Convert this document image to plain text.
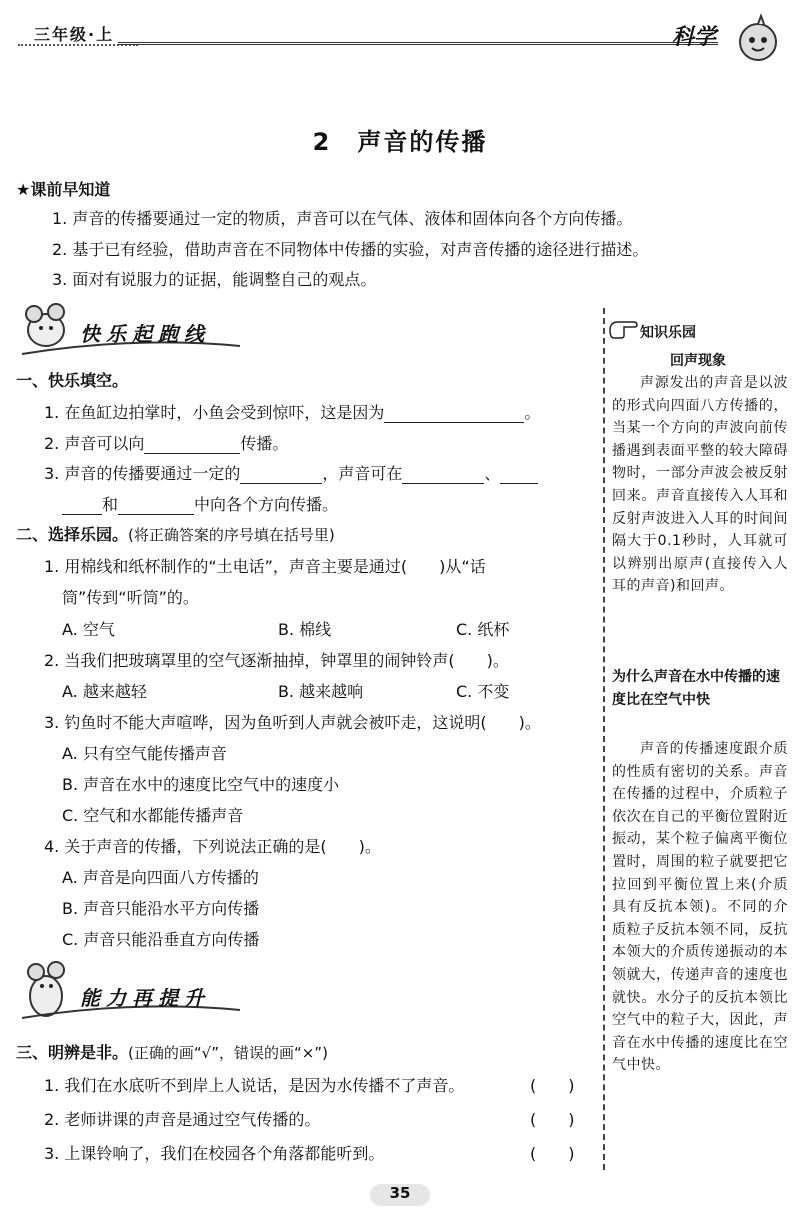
三年级·上	科学
2　声音的传播
★课前早知道
1. 声音的传播要通过一定的物质，声音可以在气体、液体和固体向各个方向传播。
2. 基于已有经验，借助声音在不同物体中传播的实验，对声音传播的途径进行描述。
3. 面对有说服力的证据，能调整自己的观点。
快乐起跑线
一、快乐填空。
1. 在鱼缸边拍掌时，小鱼会受到惊吓，这是因为	。
2. 声音可以向	传播。
3. 声音的传播要通过一定的	，声音可在	、
和	中向各个方向传播。
二、选择乐园。(将正确答案的序号填在括号里)
1. 用棉线和纸杯制作的“土电话”，声音主要是通过(　　)从“话
筒”传到“听筒”的。
A. 空气	B. 棉线	C. 纸杯
2. 当我们把玻璃罩里的空气逐渐抽掉，钟罩里的闹钟铃声(　　)。
A. 越来越轻	B. 越来越响	C. 不变
3. 钓鱼时不能大声喧哗，因为鱼听到人声就会被吓走，这说明(　　)。
A. 只有空气能传播声音
B. 声音在水中的速度比空气中的速度小
C. 空气和水都能传播声音
4. 关于声音的传播，下列说法正确的是(　　)。
A. 声音是向四面八方传播的
B. 声音只能沿水平方向传播
C. 声音只能沿垂直方向传播
能力再提升
三、明辨是非。(正确的画“√”，错误的画“×”)
1. 我们在水底听不到岸上人说话，是因为水传播不了声音。	(　　)
2. 老师讲课的声音是通过空气传播的。	(　　)
3. 上课铃响了，我们在校园各个角落都能听到。	(　　)
知识乐园
回声现象
声源发出的声音是以波的形式向四面八方传播的，当某一个方向的声波向前传播遇到表面平整的较大障碍物时，一部分声波会被反射回来。声音直接传入人耳和反射声波进入人耳的时间间隔大于0.1秒时，人耳就可以辨别出原声(直接传入人耳的声音)和回声。
为什么声音在水中传播的速度比在空气中快
声音的传播速度跟介质的性质有密切的关系。声音在传播的过程中，介质粒子依次在自己的平衡位置附近振动，某个粒子偏离平衡位置时，周围的粒子就要把它拉回到平衡位置上来(介质具有反抗本领)。不同的介质粒子反抗本领不同，反抗本领大的介质传递振动的本领就大，传递声音的速度也就快。水分子的反抗本领比空气中的粒子大，因此，声音在水中传播的速度比在空气中快。
35
